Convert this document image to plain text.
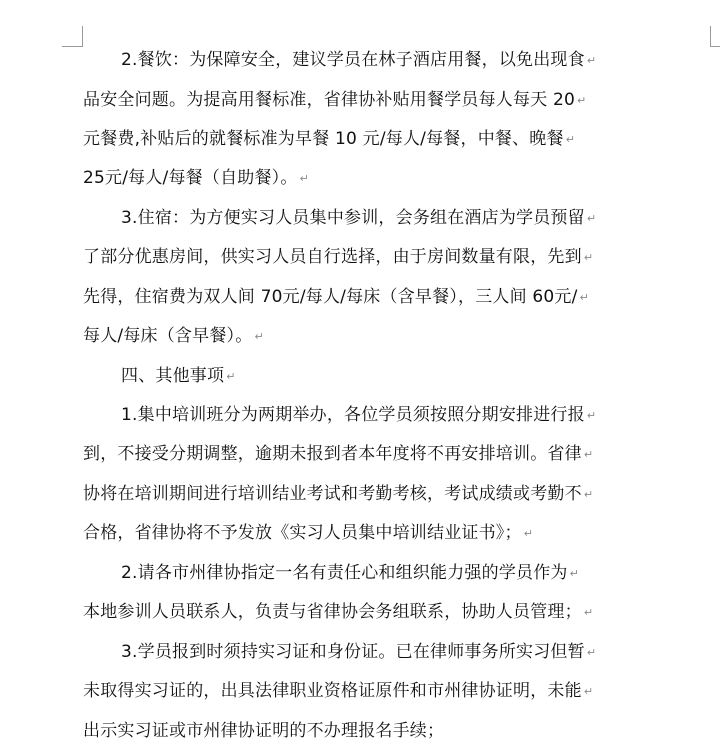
2.餐饮：为保障安全，建议学员在林子酒店用餐，以免出现食 ↵
品安全问题。为提高用餐标准，省律协补贴用餐学员每人每天 20 ↵
元餐费,补贴后的就餐标准为早餐 10 元/每人/每餐，中餐、晚餐 ↵
25元/每人/每餐（自助餐）。 ↵
3.住宿：为方便实习人员集中参训，会务组在酒店为学员预留 ↵
了部分优惠房间，供实习人员自行选择，由于房间数量有限，先到 ↵
先得，住宿费为双人间 70元/每人/每床（含早餐），三人间 60元/ ↵
每人/每床（含早餐）。 ↵
四、其他事项 ↵
1.集中培训班分为两期举办，各位学员须按照分期安排进行报 ↵
到，不接受分期调整，逾期未报到者本年度将不再安排培训。省律 ↵
协将在培训期间进行培训结业考试和考勤考核，考试成绩或考勤不 ↵
合格，省律协将不予发放《实习人员集中培训结业证书》； ↵
2.请各市州律协指定一名有责任心和组织能力强的学员作为 ↵
本地参训人员联系人，负责与省律协会务组联系，协助人员管理； ↵
3.学员报到时须持实习证和身份证。已在律师事务所实习但暂 ↵
未取得实习证的，出具法律职业资格证原件和市州律协证明，未能 ↵
出示实习证或市州律协证明的不办理报名手续；
